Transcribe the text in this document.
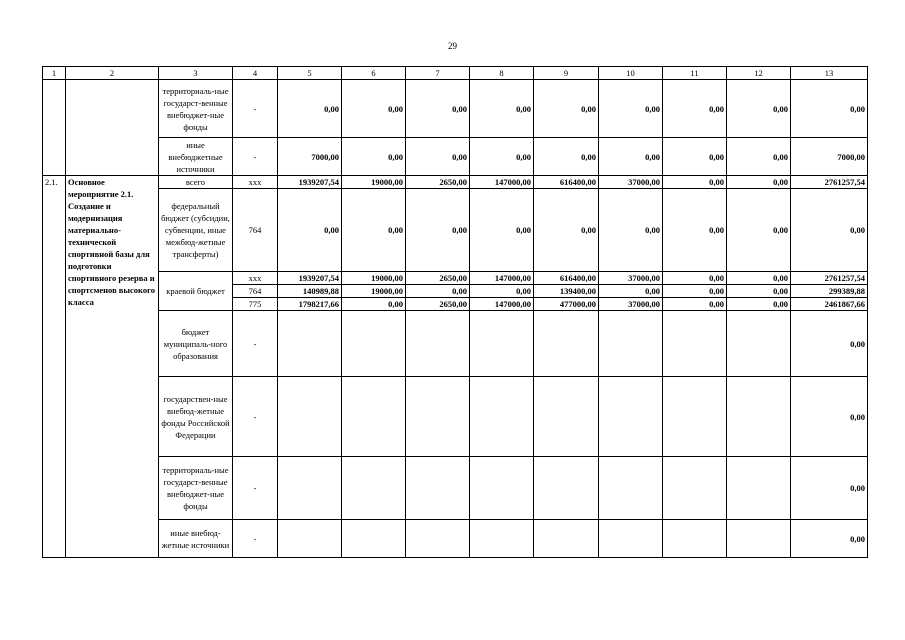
29
1	2	3	4	5	6	7	8	9	10	11	12	13
		территориаль-ные государст-венные внебюджет-ные фонды	-	0,00	0,00	0,00	0,00	0,00	0,00	0,00	0,00	0,00
		иные внебюджетные источники	-	7000,00	0,00	0,00	0,00	0,00	0,00	0,00	0,00	7000,00
2.1.	Основное мероприятие 2.1. Создание и модернизация материально-технической спортивной базы для подготовки спортивного резерва и спортсменов высокого класса	всего	ххх	1939207,54	19000,00	2650,00	147000,00	616400,00	37000,00	0,00	0,00	2761257,54
		федеральный бюджет (субсидии, субвенции, иные межбюд-жетные трансферты)	764	0,00	0,00	0,00	0,00	0,00	0,00	0,00	0,00	0,00
		краевой бюджет	ххх	1939207,54	19000,00	2650,00	147000,00	616400,00	37000,00	0,00	0,00	2761257,54
			764	140989,88	19000,00	0,00	0,00	139400,00	0,00	0,00	0,00	299389,88
			775	1798217,66	0,00	2650,00	147000,00	477000,00	37000,00	0,00	0,00	2461867,66
		бюджет муниципаль-ного образования	-									0,00
		государствен-ные внебюд-жетные фонды Российской Федерации	-									0,00
		территориаль-ные государст-венные внебюджет-ные фонды	-									0,00
		иные внебюд-жетные источники	-									0,00
